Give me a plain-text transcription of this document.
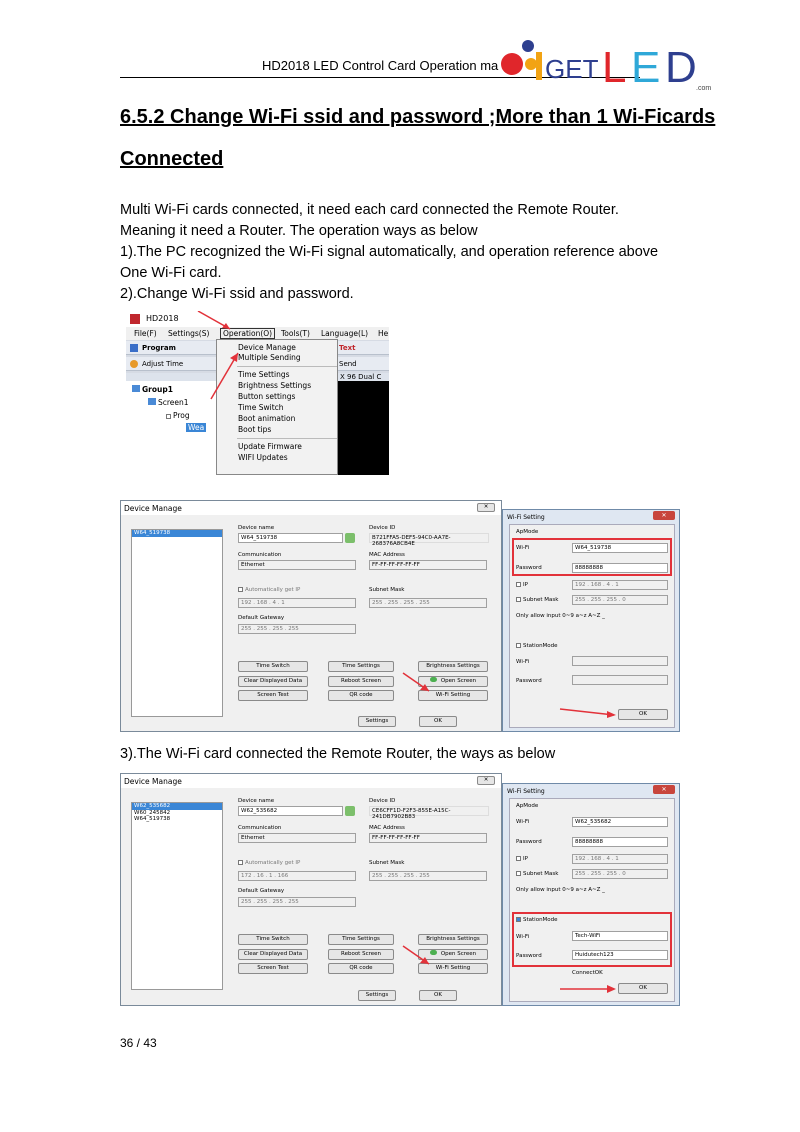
HD2018 LED Control Card Operation ma GET L E D .com
6.5.2 Change Wi-Fi ssid and password ;More than 1 Wi-Ficards
Connected
Multi Wi-Fi cards connected, it need each card connected the Remote Router.
Meaning it need a Router. The operation ways as below
1).The PC recognized the Wi-Fi signal automatically, and operation reference above
One Wi-Fi card.
2).Change Wi-Fi ssid and password.
3).The Wi-Fi card connected the Remote Router, the ways as below
HD2018
File(F) Settings(S)	Operation(O)	Tools(T) Language(L) He
Program	Text
Adjust Time	Send
X 96 Dual C
Group1
Screen1
Prog
Wea
Device Manage
Multiple Sending
Time Settings
Brightness Settings
Button settings
Time Switch
Boot animation
Boot tips
Update Firmware
WIFI Updates
Device Manage	✕
W64_519738
Device name
W64_519738
Device ID
B721FFA5-DEF5-94C0-AA7E-268376A8CB4E
Communication
Ethernet
MAC Address
FF-FF-FF-FF-FF-FF
Automatically get IP	Subnet Mask
192 . 168 . 4 . 1	255 . 255 . 255 . 255
Default Gateway
255 . 255 . 255 . 255
Time Switch	Time Settings	Brightness Settings
Clear Displayed Data	Reboot Screen	Open Screen
Screen Test	QR code	Wi-Fi Setting
Settings	OK
Wi-Fi Setting	✕
ApMode
Wi-Fi	W64_519738
Password	88888888
IP	192 . 168 . 4 . 1
Subnet Mask	255 . 255 . 255 . 0
Only allow input 0~9 a~z A~Z _
StationMode
Wi-Fi
Password
OK
Device Manage	✕
W62_535682
W60_245842
W64_519738
Device name
W62_535682
Device ID
CE6CFF1D-F2F3-855E-A15C-241DB7902B83
Communication
Ethernet
MAC Address
FF-FF-FF-FF-FF-FF
Automatically get IP	Subnet Mask
172 . 16 . 1 . 166	255 . 255 . 255 . 255
Default Gateway
255 . 255 . 255 . 255
Time Switch	Time Settings	Brightness Settings
Clear Displayed Data	Reboot Screen	Open Screen
Screen Test	QR code	Wi-Fi Setting
Settings	OK
Wi-Fi Setting	✕
ApMode
Wi-Fi	W62_535682
Password	88888888
IP	192 . 168 . 4 . 1
Subnet Mask	255 . 255 . 255 . 0
Only allow input 0~9 a~z A~Z _
StationMode
Wi-Fi	Tech-WiFi
Password	Huidutech123
ConnectOK
OK
36 / 43
